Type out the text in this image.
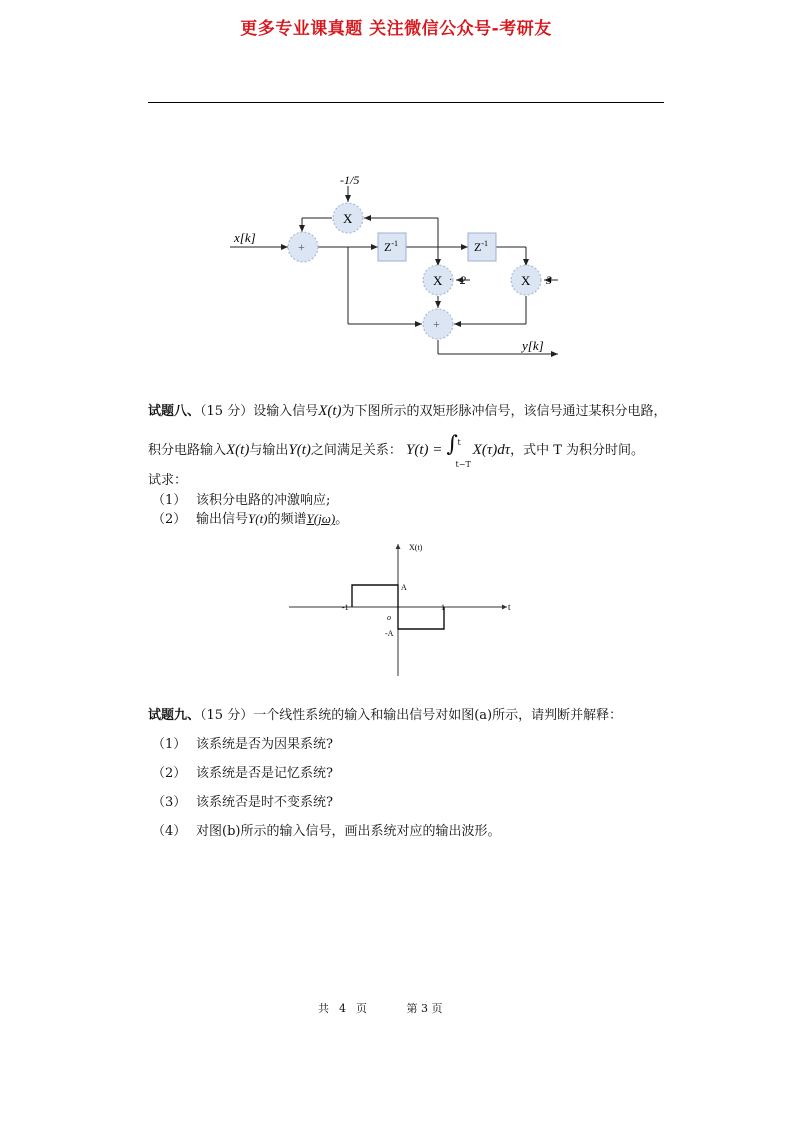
更多专业课真题 关注微信公众号-考研友
x[k]
y[k]
-1/5
2	3
·
X
X	X
+
+
$Z^{-1}$	$Z^{-1}$
试题八、（15 分）设输入信号X(t)为下图所示的双矩形脉冲信号，该信号通过某积分电路，
积分电路输入X(t)与输出Y(t)之间满足关系： Y(t) = ∫ t
t−T
X(τ)dτ，式中 T 为积分时间。
试求：
（1） 该积分电路的冲激响应;
（2） 输出信号Y(t)的频谱Y(jω)。
X(t)
t
-1	1
A
-A
o
试题九、（15 分）一个线性系统的输入和输出信号对如图(a)所示，请判断并解释：
（1） 该系统是否为因果系统?
（2） 该系统是否是记忆系统?
（3） 该系统否是时不变系统?
（4） 对图(b)所示的输入信号，画出系统对应的输出波形。
共 4 页	第 3 页
